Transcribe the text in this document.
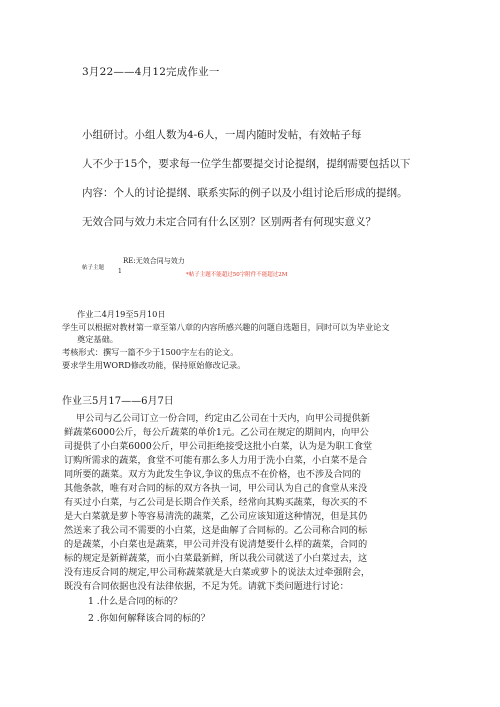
3月22——4月12完成作业一
小组研讨。小组人数为4-6人，一周内随时发帖，有效帖子每
人不少于15个，要求每一位学生都要提交讨论提纲，提纲需要包括以下
内容：个人的讨论提纲、联系实际的例子以及小组讨论后形成的提纲。
无效合同与效力未定合同有什么区别？区别两者有何现实意义？
帖子主题
RE:无效合同与效力
1	*帖子主题不能超过50字附件不能超过2M
作业二4月19至5月10日
学生可以根据对教材第一章至第八章的内容所感兴趣的问题自选题目，同时可以为毕业论文
奠定基础。
考核形式：撰写一篇不少于1500字左右的论文。
要求学生用WORD修改功能，保持原始修改记录。
作业三5月17——6月7日

甲公司与乙公司订立一份合同，约定由乙公司在十天内，向甲公司提供新

鲜蔬菜6000公斤，每公斤蔬菜的单价1元。乙公司在规定的期间内，向甲公

司提供了小白菜6000公斤，甲公司拒绝接受这批小白菜，认为是为职工食堂

订购所需求的蔬菜，食堂不可能有那么多人力用于洗小白菜，小白菜不是合

同所要的蔬菜。双方为此发生争议,争议的焦点不在价格，也不涉及合同的

其他条款，唯有对合同的标的双方各执一词，甲公司认为自己的食堂从来没

有买过小白菜，与乙公司是长期合作关系，经常向其购买蔬菜，每次买的不

是大白菜就是萝卜等容易清洗的蔬菜，乙公司应该知道这种情况，但是其仍

然送来了我公司不需要的小白菜，这是曲解了合同标的。乙公司称合同的标

的是蔬菜，小白菜也是蔬菜，甲公司并没有说清楚要什么样的蔬菜，合同的

标的规定是新鲜蔬菜，而小白菜最新鲜，所以我公司就送了小白菜过去，这

没有违反合同的规定,甲公司称蔬菜就是大白菜或萝卜的说法太过牵强附会，

既没有合同依据也没有法律依据，不足为凭。请就下类问题进行讨论：

1 .什么是合同的标的？

2 .你如何解释该合同的标的？
